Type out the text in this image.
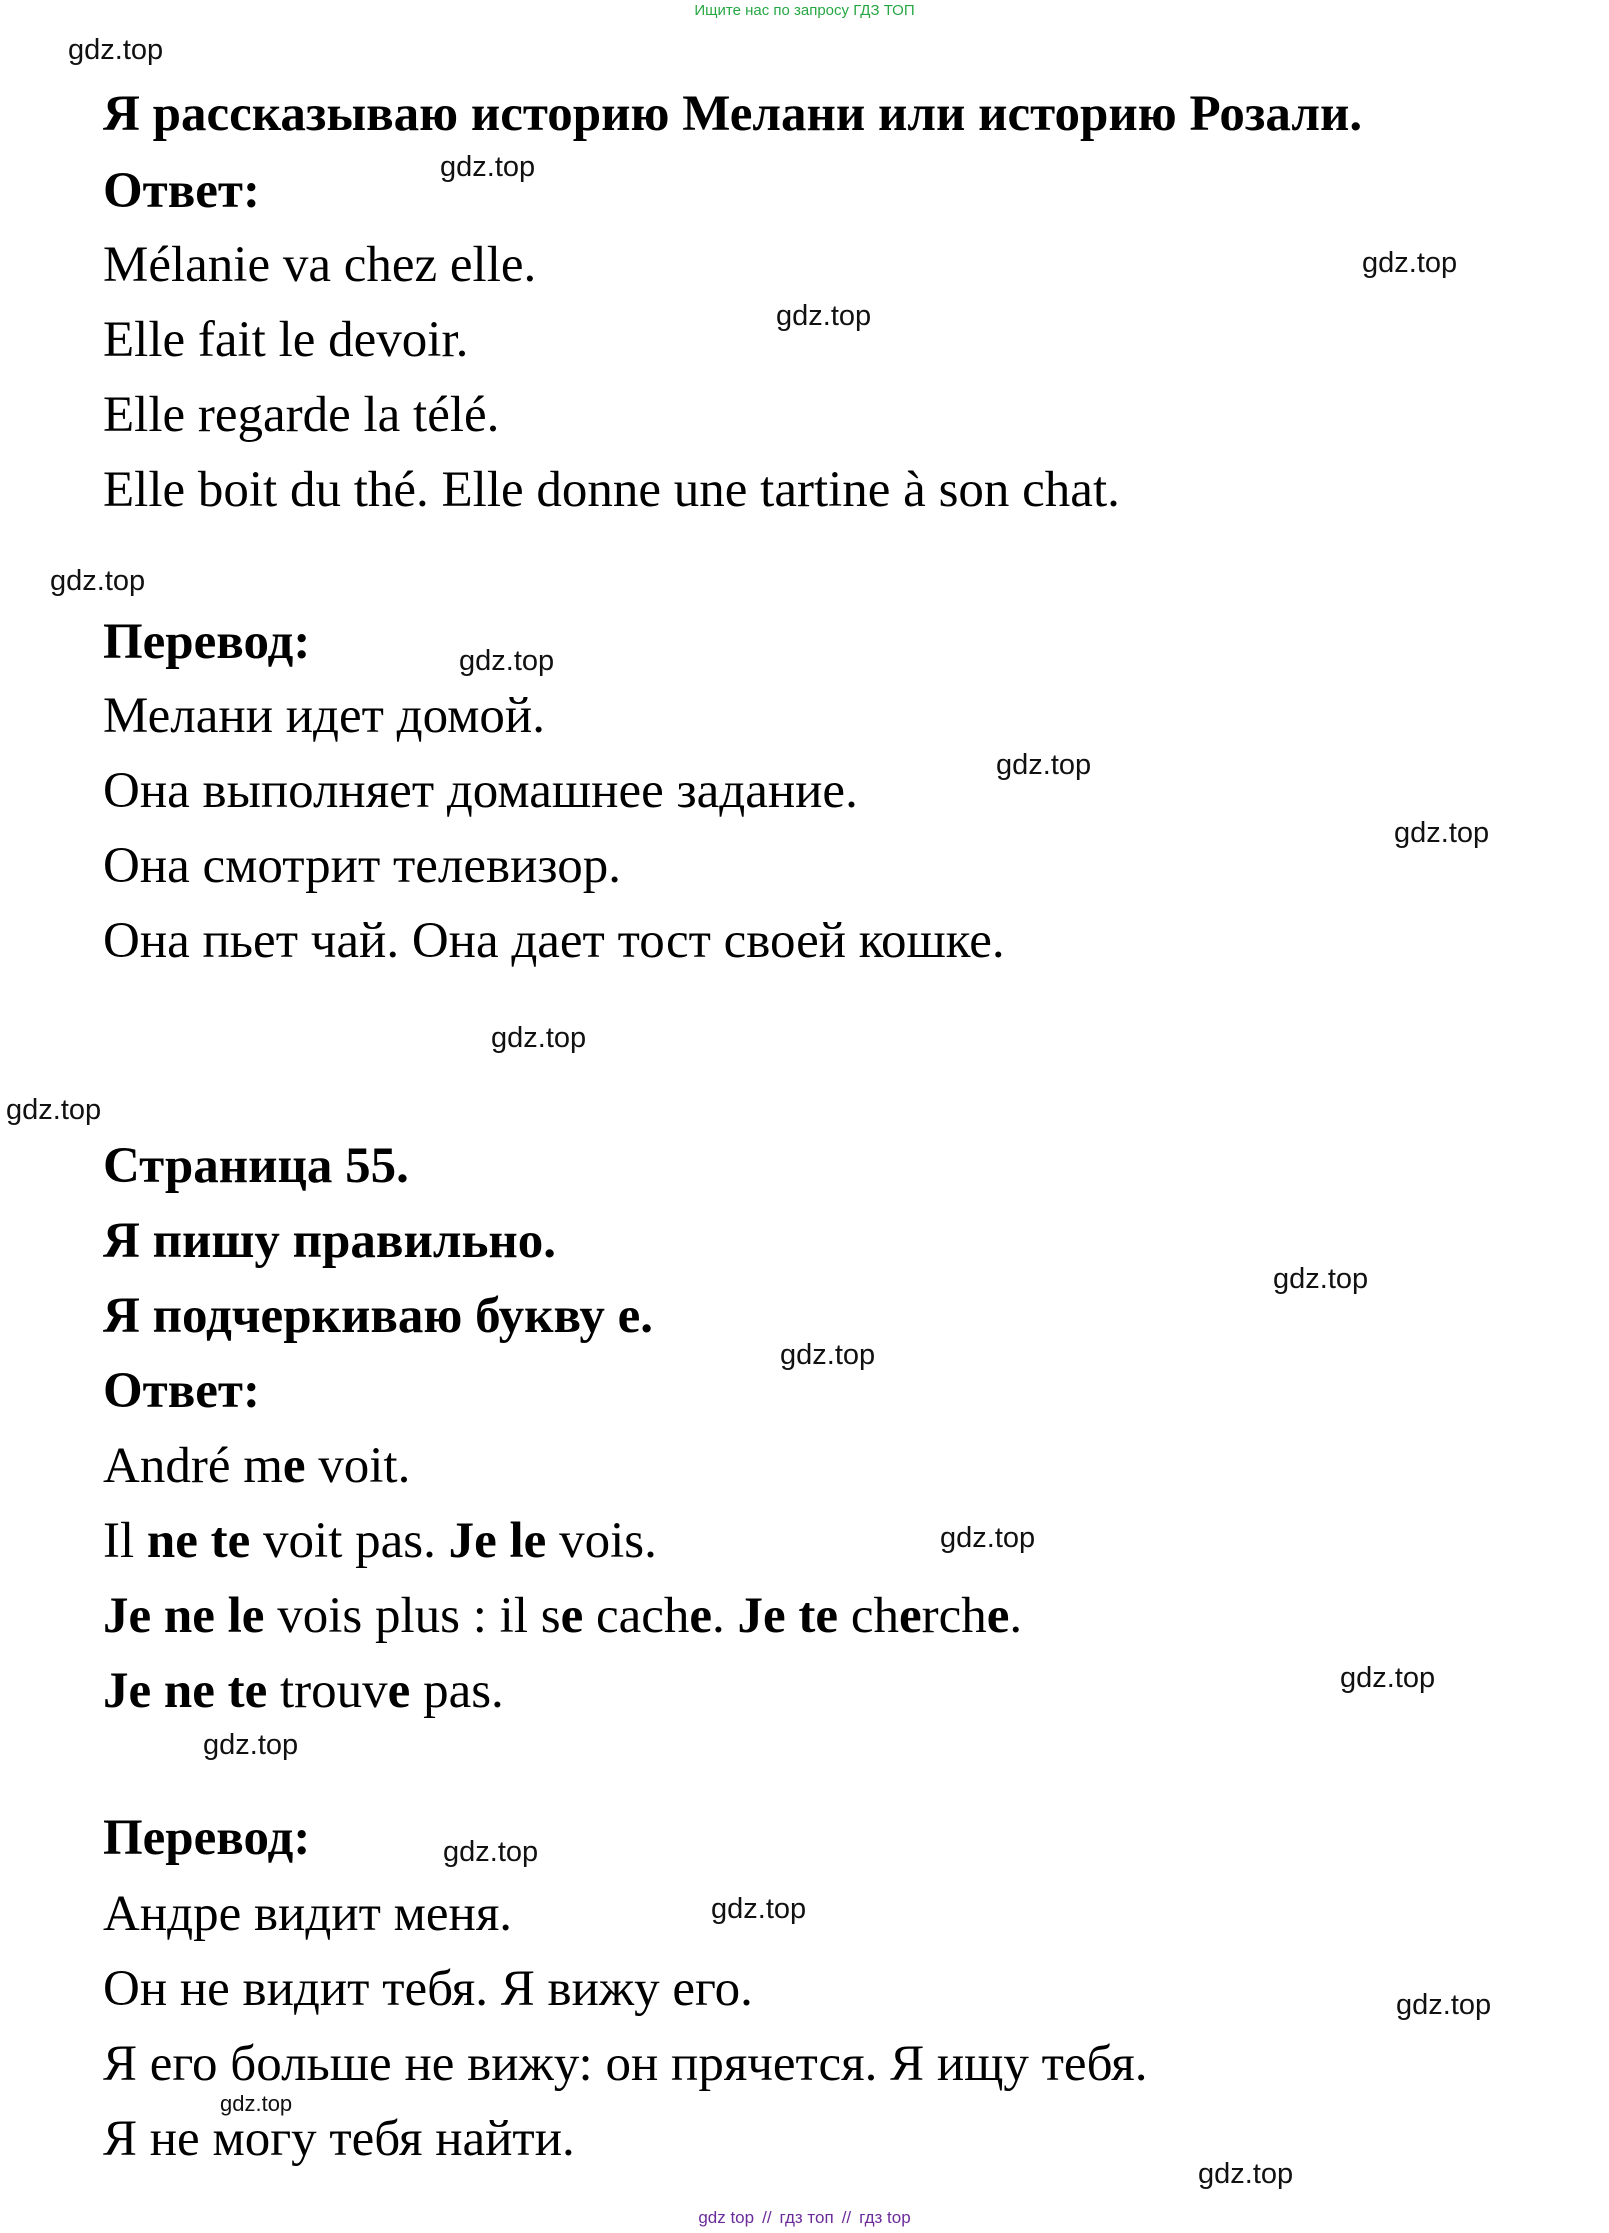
Ищите нас по запросу ГДЗ ТОП
Я рассказываю историю Мелани или историю Розали.
Ответ:
Mélanie va chez elle.
Elle fait le devoir.
Elle regarde la télé.
Elle boit du thé. Elle donne une tartine à son chat.
Перевод:
Мелани идет домой.
Она выполняет домашнее задание.
Она смотрит телевизор.
Она пьет чай. Она дает тост своей кошке.
Страница 55.
Я пишу правильно.
Я подчеркиваю букву e.
Ответ:
André me voit.
Il ne te voit pas. Je le vois.
Je ne le vois plus : il se cache. Je te cherche.
Je ne te trouve pas.
Перевод:
Андре видит меня.
Он не видит тебя. Я вижу его.
Я его больше не вижу: он прячется. Я ищу тебя.
Я не могу тебя найти.
gdz.top
gdz.top
gdz.top
gdz.top
gdz.top
gdz.top
gdz.top
gdz.top
gdz.top
gdz.top
gdz.top
gdz.top
gdz.top
gdz.top
gdz.top
gdz.top
gdz.top
gdz.top
gdz.top
gdz.top
gdz top // гдз топ // гдз top
